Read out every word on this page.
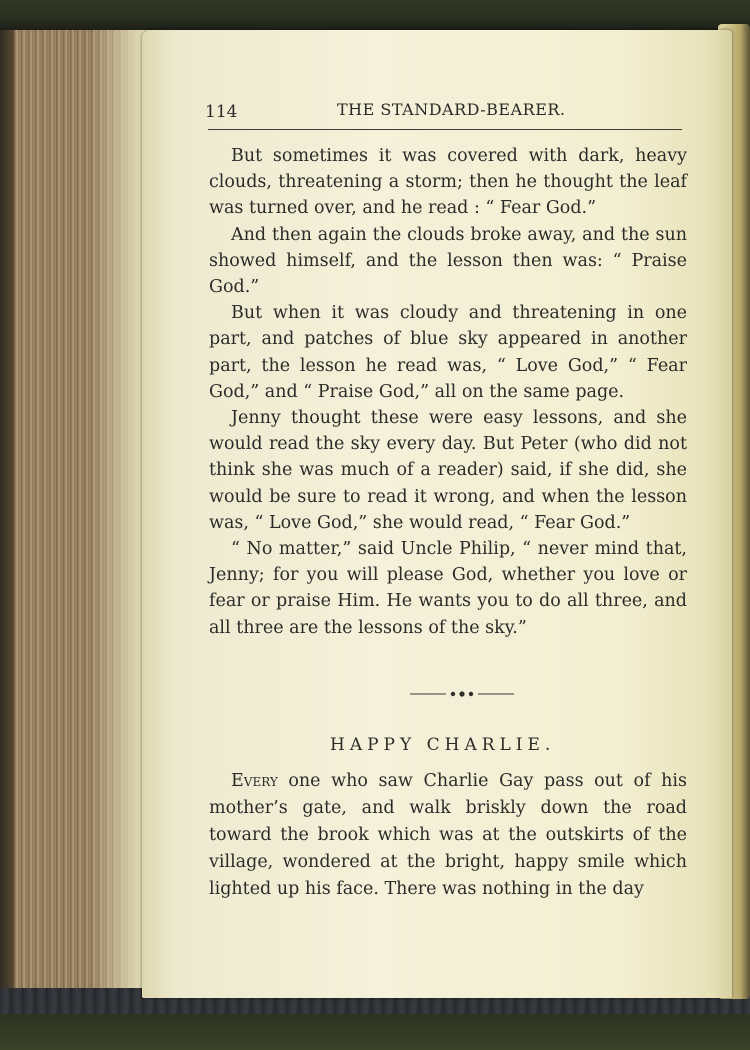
114	THE STANDARD-BEARER.

But sometimes it was covered with dark, heavy clouds, threatening a storm; then he thought the leaf was turned over, and he read : “ Fear God.”

And then again the clouds broke away, and the sun showed himself, and the lesson then was: “ Praise God.”

But when it was cloudy and threatening in one part, and patches of blue sky appeared in another part, the lesson he read was, “ Love God,” “ Fear God,” and “ Praise God,” all on the same page.

Jenny thought these were easy lessons, and she would read the sky every day. But Peter (who did not think she was much of a reader) said, if she did, she would be sure to read it wrong, and when the lesson was, “ Love God,” she would read, “ Fear God.”

“ No matter,” said Uncle Philip, “ never mind that, Jenny; for you will please God, whether you love or fear or praise Him. He wants you to do all three, and all three are the lessons of the sky.”

HAPPY CHARLIE.

Every one who saw Charlie Gay pass out of his mother’s gate, and walk briskly down the road toward the brook which was at the outskirts of the village, wondered at the bright, happy smile which lighted up his face. There was nothing in the day
